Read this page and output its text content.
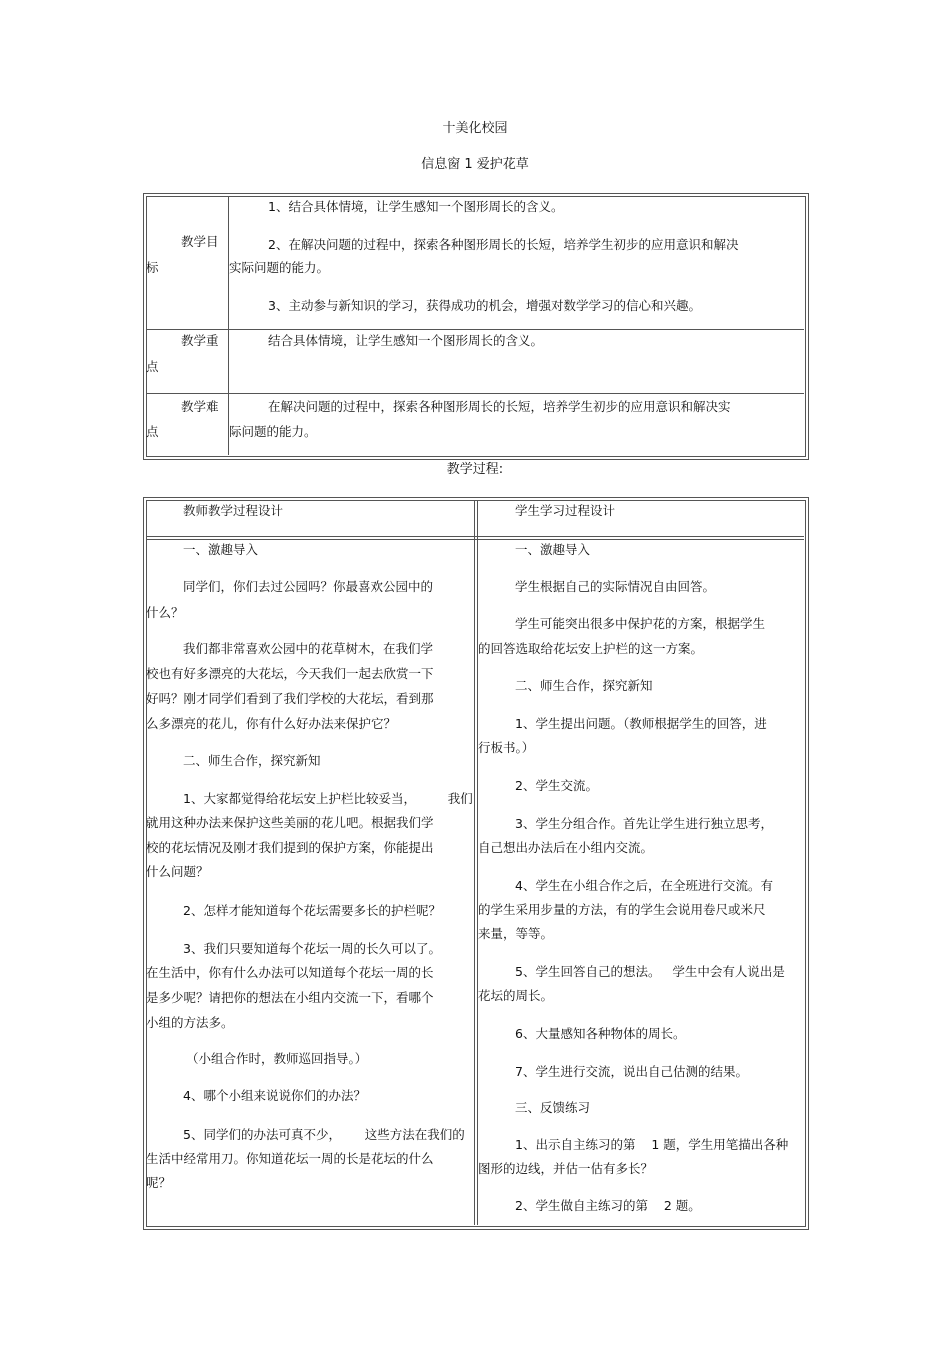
十美化校园
信息窗 1 爱护花草

教学目

标

1、结合具体情境，让学生感知一个图形周长的含义。

2、在解决问题的过程中，探索各种图形周长的长短，培养学生初步的应用意识和解决

实际问题的能力。

3、主动参与新知识的学习，获得成功的机会，增强对数学学习的信心和兴趣。

教学重

点

结合具体情境，让学生感知一个图形周长的含义。

教学难

点

在解决问题的过程中，探索各种图形周长的长短，培养学生初步的应用意识和解决实

际问题的能力。

教学过程:

教师教学过程设计	学生学习过程设计

一、激趣导入

同学们，你们去过公园吗？你最喜欢公园中的

什么？

我们都非常喜欢公园中的花草树木，在我们学

校也有好多漂亮的大花坛，今天我们一起去欣赏一下

好吗？刚才同学们看到了我们学校的大花坛，看到那

么多漂亮的花儿，你有什么好办法来保护它？

二、师生合作，探究新知

1、大家都觉得给花坛安上护栏比较妥当，        我们

就用这种办法来保护这些美丽的花儿吧。根据我们学

校的花坛情况及刚才我们提到的保护方案，你能提出

什么问题？

2、怎样才能知道每个花坛需要多长的护栏呢？

3、我们只要知道每个花坛一周的长久可以了。

在生活中，你有什么办法可以知道每个花坛一周的长

是多少呢？请把你的想法在小组内交流一下，看哪个

小组的方法多。

（小组合作时，教师巡回指导。）

4、哪个小组来说说你们的办法？

5、同学们的办法可真不少，      这些方法在我们的

生活中经常用刀。你知道花坛一周的长是花坛的什么

呢？

一、激趣导入

学生根据自己的实际情况自由回答。

学生可能突出很多中保护花的方案，根据学生

的回答选取给花坛安上护栏的这一方案。

二、师生合作，探究新知

1、学生提出问题。（教师根据学生的回答，进

行板书。）

2、学生交流。

3、学生分组合作。首先让学生进行独立思考，

自己想出办法后在小组内交流。

4、学生在小组合作之后，在全班进行交流。有

的学生采用步量的方法，有的学生会说用卷尺或米尺

来量，等等。

5、学生回答自己的想法。   学生中会有人说出是

花坛的周长。

6、大量感知各种物体的周长。

7、学生进行交流，说出自己估测的结果。

三、反馈练习

1、出示自主练习的第    1 题，学生用笔描出各种

图形的边线，并估一估有多长？

2、学生做自主练习的第    2 题。
